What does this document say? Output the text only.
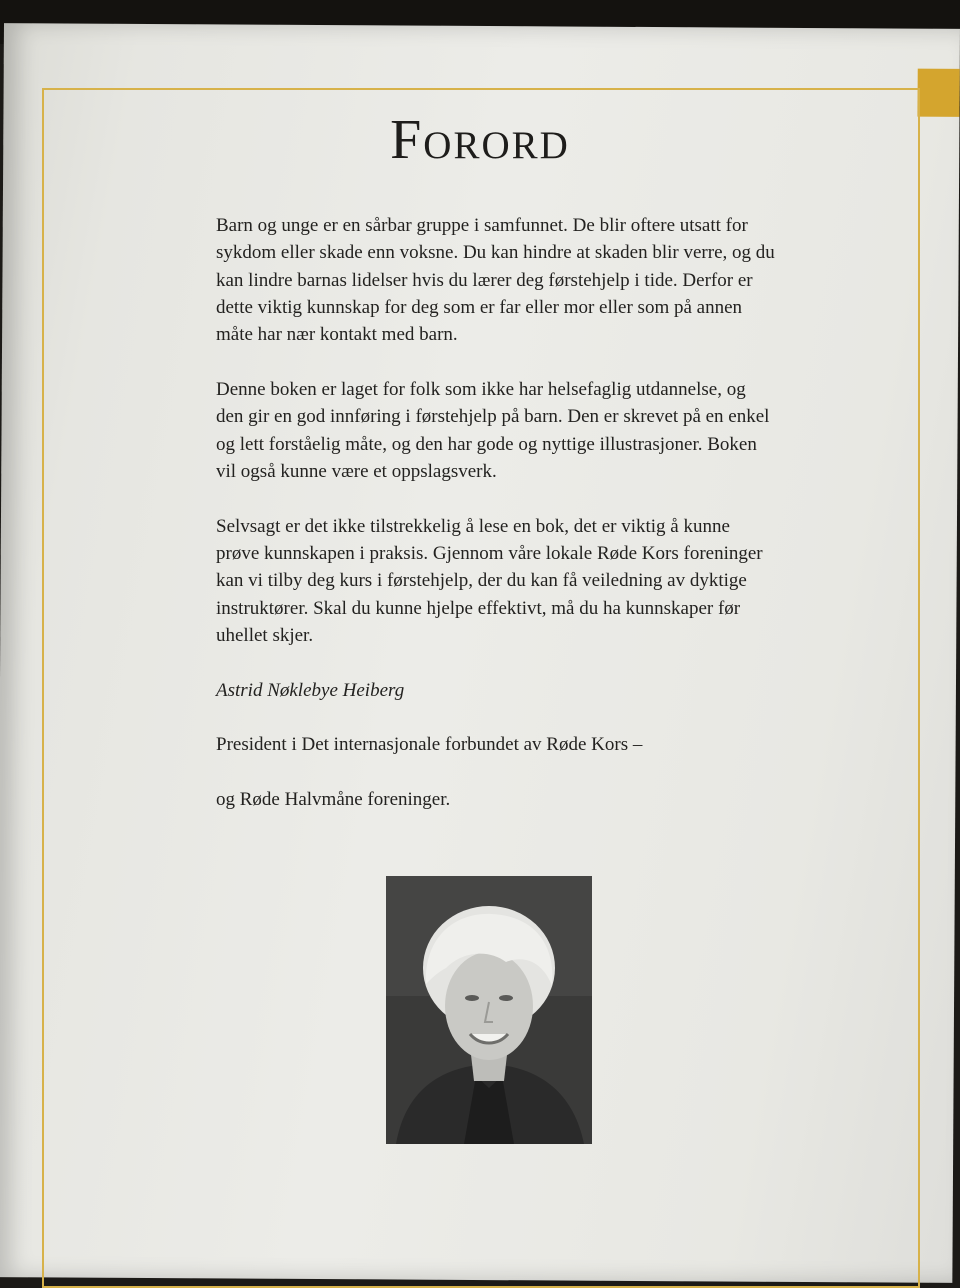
Forord

Barn og unge er en sårbar gruppe i samfunnet. De blir oftere utsatt for sykdom eller skade enn voksne. Du kan hindre at skaden blir verre, og du kan lindre barnas lidelser hvis du lærer deg førstehjelp i tide. Derfor er dette viktig kunnskap for deg som er far eller mor eller som på annen måte har nær kontakt med barn.

Denne boken er laget for folk som ikke har helsefaglig utdannelse, og den gir en god innføring i førstehjelp på barn. Den er skrevet på en enkel og lett forståelig måte, og den har gode og nyttige illustrasjoner. Boken vil også kunne være et oppslagsverk.

Selvsagt er det ikke tilstrekkelig å lese en bok, det er viktig å kunne prøve kunnskapen i praksis. Gjennom våre lokale Røde Kors foreninger kan vi tilby deg kurs i førstehjelp, der du kan få veiledning av dyktige instruktører. Skal du kunne hjelpe effektivt, må du ha kunnskaper før uhellet skjer.

Astrid Nøklebye Heiberg

President i Det internasjonale forbundet av Røde Kors –

og Røde Halvmåne foreninger.
